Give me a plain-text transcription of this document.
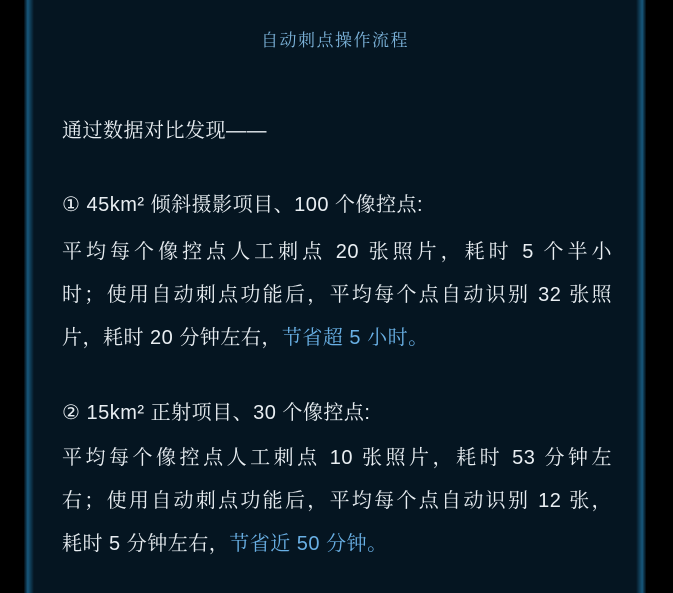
自动刺点操作流程
通过数据对比发现——
① 45km² 倾斜摄影项目、100 个像控点:
平均每个像控点人工刺点 20 张照片，耗时 5 个半小
时；使用自动刺点功能后，平均每个点自动识别 32 张照
片，耗时 20 分钟左右，节省超 5 小时。
② 15km² 正射项目、30 个像控点:
平均每个像控点人工刺点 10 张照片，耗时 53 分钟左
右；使用自动刺点功能后，平均每个点自动识别 12 张，
耗时 5 分钟左右，节省近 50 分钟。
